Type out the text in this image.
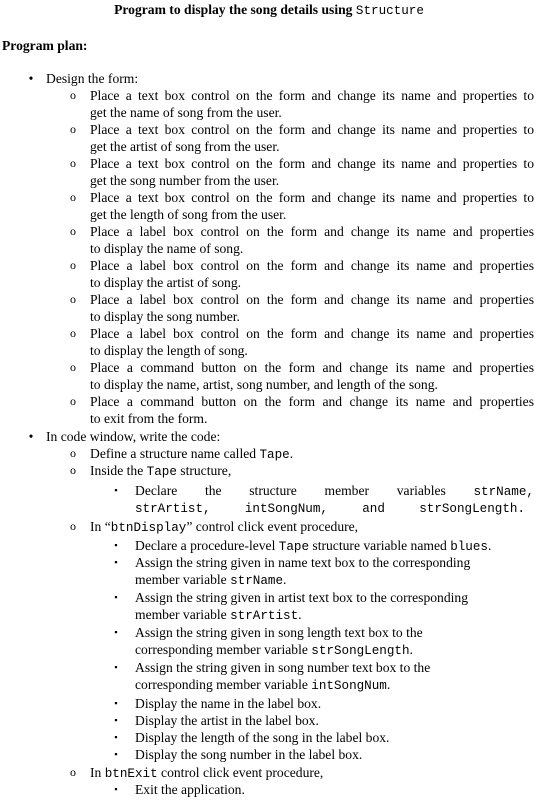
Program to display the song details using Structure
Program plan:
• Design the form:
o Place a text box control on the form and change its name and properties to
get the name of song from the user.
o Place a text box control on the form and change its name and properties to
get the artist of song from the user.
o Place a text box control on the form and change its name and properties to
get the song number from the user.
o Place a text box control on the form and change its name and properties to
get the length of song from the user.
o Place a label box control on the form and change its name and properties
to display the name of song.
o Place a label box control on the form and change its name and properties
to display the artist of song.
o Place a label box control on the form and change its name and properties
to display the song number.
o Place a label box control on the form and change its name and properties
to display the length of song.
o Place a command button on the form and change its name and properties
to display the name, artist, song number, and length of the song.
o Place a command button on the form and change its name and properties
to exit from the form.
• In code window, write the code:
o Define a structure name called Tape.
o Inside the Tape structure,
▪ Declare the structure member variables strName,
strArtist,	intSongNum,	and	strSongLength.
o In “btnDisplay” control click event procedure,
▪ Declare a procedure-level Tape structure variable named blues.
▪ Assign the string given in name text box to the corresponding
member variable strName.
▪ Assign the string given in artist text box to the corresponding
member variable strArtist.
▪ Assign the string given in song length text box to the
corresponding member variable strSongLength.
▪ Assign the string given in song number text box to the
corresponding member variable intSongNum.
▪ Display the name in the label box.
▪ Display the artist in the label box.
▪ Display the length of the song in the label box.
▪ Display the song number in the label box.
o In btnExit control click event procedure,
▪ Exit the application.
